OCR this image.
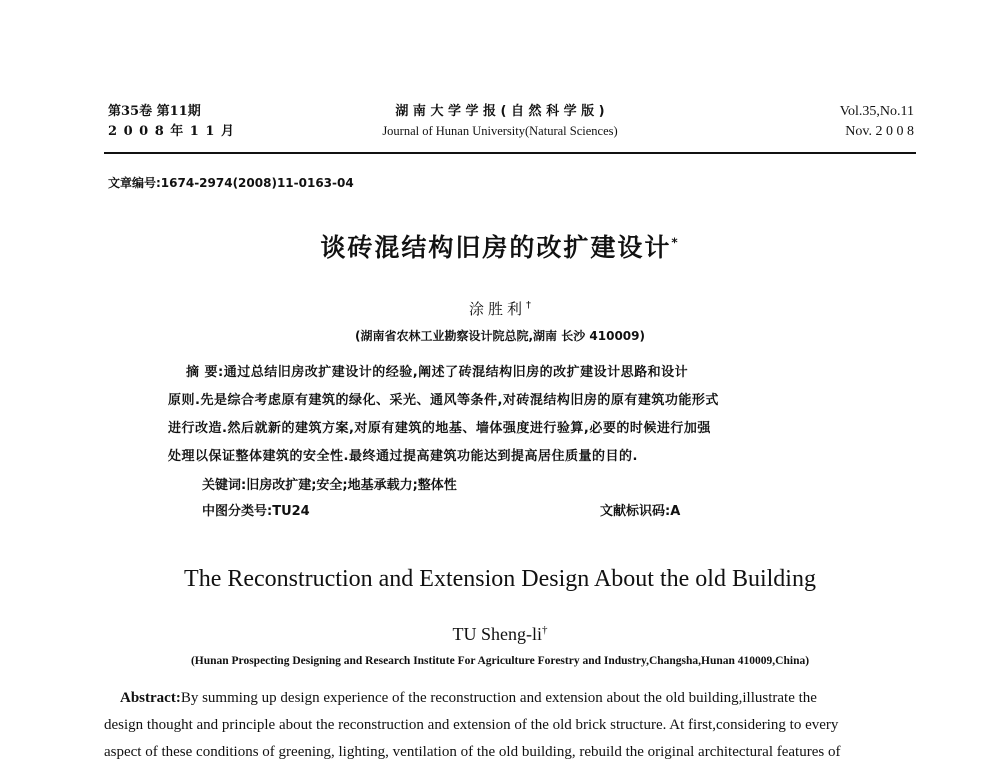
第35卷 第11期
2 0 0 8 年 1 1 月
湖 南 大 学 学 报 ( 自 然 科 学 版 )
Journal of Hunan University(Natural Sciences)
Vol.35,No.11
Nov. 2 0 0 8
文章编号:1674-2974(2008)11-0163-04
谈砖混结构旧房的改扩建设计*
涂胜利†
(湖南省农林工业勘察设计院总院,湖南 长沙 410009)
摘 要:通过总结旧房改扩建设计的经验,阐述了砖混结构旧房的改扩建设计思路和设计
原则.先是综合考虑原有建筑的绿化、采光、通风等条件,对砖混结构旧房的原有建筑功能形式
进行改造.然后就新的建筑方案,对原有建筑的地基、墙体强度进行验算,必要的时候进行加强
处理以保证整体建筑的安全性.最终通过提高建筑功能达到提高居住质量的目的.
关键词:旧房改扩建;安全;地基承载力;整体性
中图分类号:TU24	文献标识码:A
The Reconstruction and Extension Design About the old Building
TU Sheng-li†
(Hunan Prospecting Designing and Research Institute For Agriculture Forestry and Industry,Changsha,Hunan 410009,China)
Abstract:By summing up design experience of the reconstruction and extension about the old building,illustrate the
design thought and principle about the reconstruction and extension of the old brick structure. At first,considering to every
aspect of these conditions of greening, lighting, ventilation of the old building, rebuild the original architectural features of
